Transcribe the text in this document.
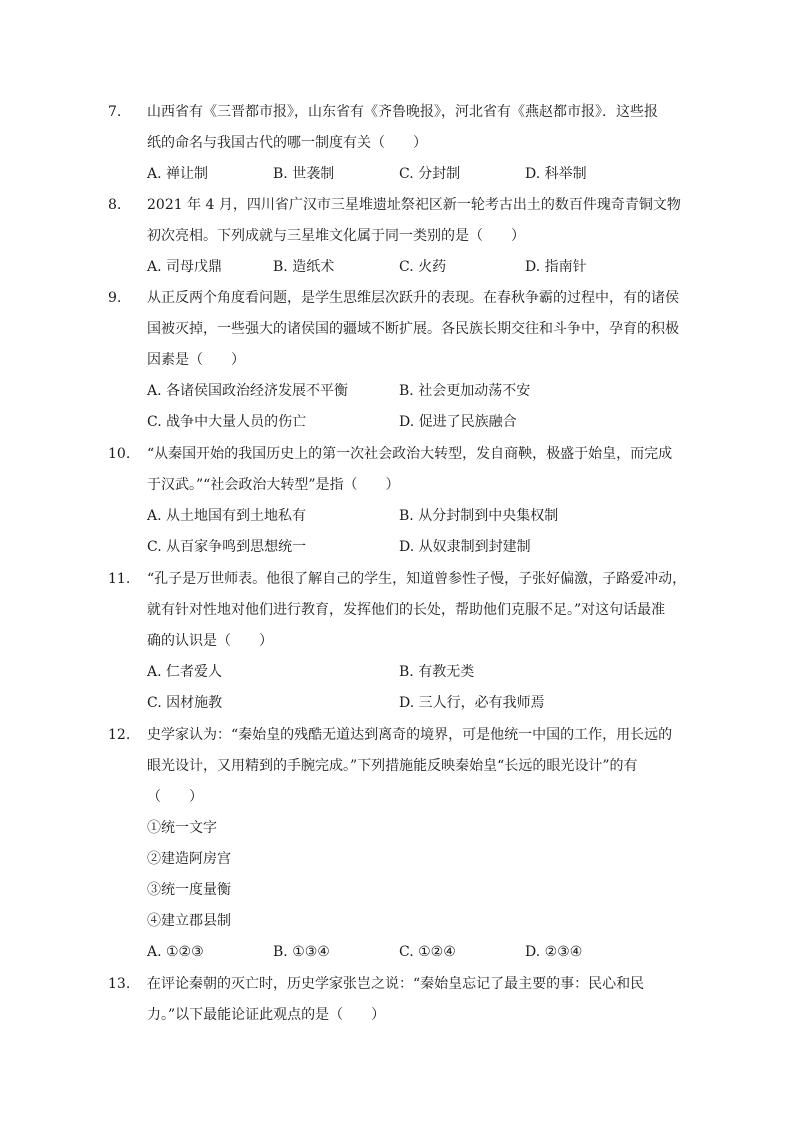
7.	山西省有《三晋都市报》，山东省有《齐鲁晚报》，河北省有《燕赵都市报》．这些报
纸的命名与我国古代的哪一制度有关（　　）
A. 禅让制	B. 世袭制	C. 分封制	D. 科举制
8.	2021 年 4 月，四川省广汉市三星堆遗址祭祀区新一轮考古出土的数百件瑰奇青铜文物
初次亮相。下列成就与三星堆文化属于同一类别的是（　　）
A. 司母戊鼎	B. 造纸术	C. 火药	D. 指南针
9.	从正反两个角度看问题，是学生思维层次跃升的表现。在春秋争霸的过程中，有的诸侯
国被灭掉，一些强大的诸侯国的疆域不断扩展。各民族长期交往和斗争中，孕育的积极
因素是（　　）
A. 各诸侯国政治经济发展不平衡	B. 社会更加动荡不安
C. 战争中大量人员的伤亡	D. 促进了民族融合
10.	“从秦国开始的我国历史上的第一次社会政治大转型，发自商鞅，极盛于始皇，而完成
于汉武。”“社会政治大转型”是指（　　）
A. 从土地国有到土地私有	B. 从分封制到中央集权制
C. 从百家争鸣到思想统一	D. 从奴隶制到封建制
11.	“孔子是万世师表。他很了解自己的学生，知道曾参性子慢，子张好偏激，子路爱冲动，
就有针对性地对他们进行教育，发挥他们的长处，帮助他们克服不足。”对这句话最准
确的认识是（　　）
A. 仁者爱人	B. 有教无类
C. 因材施教	D. 三人行，必有我师焉
12.	史学家认为：“秦始皇的残酷无道达到离奇的境界，可是他统一中国的工作，用长远的
眼光设计，又用精到的手腕完成。”下列措施能反映秦始皇“长远的眼光设计”的有
（　　）
①统一文字
②建造阿房宫
③统一度量衡
④建立郡县制
A. ①②③	B. ①③④	C. ①②④	D. ②③④
13.	在评论秦朝的灭亡时，历史学家张岂之说：“秦始皇忘记了最主要的事：民心和民
力。”以下最能论证此观点的是（　　）
